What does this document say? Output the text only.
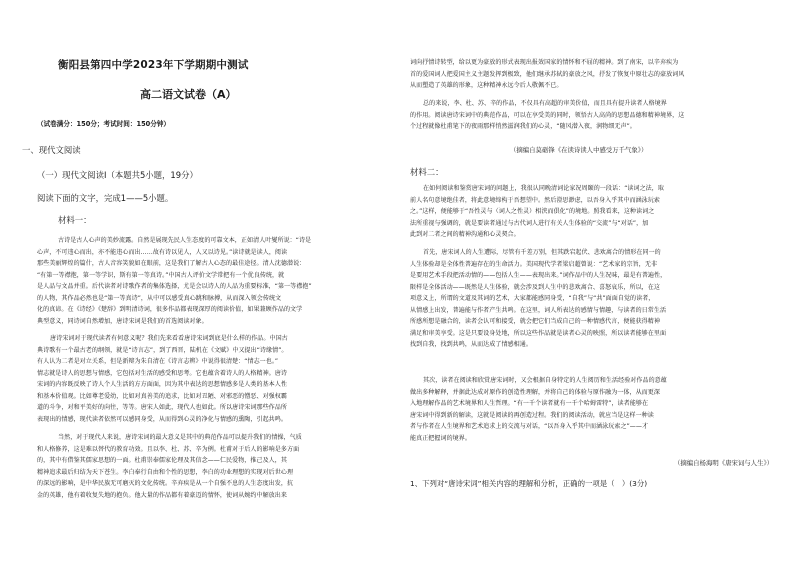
衡阳县第四中学2023年下学期期中测试
高二语文试卷（A）
（试卷满分：150分；考试时间：150分钟）
一、现代文阅读
（一）现代文阅读Ⅰ（本题共5小题，19分）
阅读下面的文字，完成1——5小题。
材料一：
古诗是古人心声的美妙流露。自然是展现先民人生态度的可靠文本，正如清人叶燮所说：“诗是
心声，不可违心而出，亦不能违心而出……故有诗以见人，人又以诗见。”读诗就是读人，阅读
那些美丽辉煌的篇什，古人音容笑貌如在眼前，这是我们了解古人心态的最佳途径。清人沈德潜说：
“有第一等襟抱，第一等学识，斯有第一等真诗。”中国古人评价文学常把有一个优良传统，就
是人品与文品并重。后代读者对诗歌作者的集体选择，尤是会以诗人的人品为重要标准，“第一等襟抱”
的人物，其作品必然也是“第一等真诗”，从中可以感受真心跳和脉搏，从而深入领会传统文
化的真谛。在《诗经》《楚辞》到明清诗词，很多作品都表现深厚的阅读价值，如果兼顾作品的文学
典型意义，同诗词自然增加，唐诗宋词是我们的首选阅读对象。
唐诗宋词对于现代读者有何意义呢？我们先来看看唐诗宋词到底是什么样的作品。中国古
典诗歌有一个最古老的纲领，就是“诗言志”，到了西晋，陆机在《文赋》中又提出“诗缘情”。
有人认为二者是对立关系，但是新辩为朱自清在《诗言志辨》中说得很清楚：“情志一也。”
情志就是诗人的思想与情感，它包括对生活的感受和思考。它也蕴含着诗人的人格精神。唐诗
宋词的内容既反映了诗人个人生活的方方面面，因为其中表达的思想情感多是人类的基本人性
和基本价值观。比如尊老爱幼，比如对真善美的追求，比如对丑陋、对邪恶的憎恶、对强权霸
道的斗争，对和平美好的向往，等等。唐宋人如此，现代人也如此。所以唐诗宋词那些作品所
表现出的情感，现代读者依然可以感同身受，从而得到心灵的净化与情感的熏陶，引起共鸣。
当然，对于现代人来说，唐诗宋词的最大意义是其中的典范作品可以提升我们的情操，气质
和人格修养，这是难以替代的教育功效。且以李、杜、苏、辛为例。杜甫对于后人的影响是多方面
的，其中有借鉴其儒家思想的一面。杜甫崇奉儒家伦理及其信念——仁民爱物，推己及人，其
精神追求最后归结为天下苍生。李白奉行自由和个性的思想，李白的功业理想的实现对后世心理
的深远的影响，是中华民族无可磨灭的文化传统。辛弃疾是从一个自强不息的人生态度出发，抗
金的英雄，他有着收复失地的抱负。他大量的作品都有着豪迈的情怀，使词从婉约中解放出来
词向抒情诗转型，给以更为豪放的形式表现出报效国家的情怀和不屈的精神。到了南宋，以辛弃疾为
首的爱国词人把爱国主义主题发挥到极致，他们继承苏轼的豪放之风，抒发了恢复中原壮志的豪放词风
从而塑造了英雄的形象，这种精神永远令后人敬佩不已。
总的来说，李、杜、苏、辛的作品，不仅具有高超的审美价值，而且具有提升读者人格境界
的作用。阅读唐诗宋词中的典范作品，可以在享受美的同时，领悟古人高尚的思想品德和精神境界，这
个过程就像杜甫笔下的夜雨那样悄然滋润我们的心灵，“随风潜入夜，润物细无声”。
（摘编自莫砺锋《在读诗读人中感受万千气象》）
材料二：
在如何阅读和鉴赏唐宋词的问题上，我很认同晚清词论家况周颐的一段话：“读词之法，取
前人名句意境绝佳者，将此意境缔构于吾想望中。然后澄思渺虑，以吾身入乎其中而涵泳玩索
之。”这样，便能够于“吾性灵与（词人之性灵）相浃而俱化”的境地。照我看来，这种读词之
法所重视与强调的，就是要读者通过与古代词人进行有关人生体验的“交流”与“对话”，加
此到对二者之间的精神沟通和心灵契合。
首先，唐宋词人的人生遭际，尽管有千差万别，但其跌宕起伏、悲欢离合的情形在同一的
人生体验却是全体性普遍存在的生命活力。美国现代学者梁启超曾说：“艺术家的宗旨，无非
是要用艺术手段把活动情的——包括人生——表现出来。”词作品中的人生况味，最是有普遍性，
限样是全体活动——既然是人生体验，就会涉及到人生中的悲欢离合、喜怒哀乐，所以，在这
项意义上，所谓的文道及其词的艺术，大家都能感同身受，“自我”与“共”面面自觉的读者，
从情感上出发，普遍能与作者产生共鸣。在这里，词人所表达的感情与情趣，与读者的日常生活
所感所想是融合的，读者会认可和接受，就会把它们当成自己的一种情感代言，便能获得精神
满足和审美享受。这是只要设身处地，所以这些作品就是读者心灵的映照，所以读者能够在里面
找到自我，找到共鸣，从而达成了情感相通。
其次，读者在阅读和欣赏唐宋词时，又会根据自身特定的人生阅历和生活经验对作品的意蕴
做出多种解释，并据此达成对原作的创造性理解，并将自己的体验与原作融为一体，从而更深
入地理解作品的艺术境界和人生哲理。“有一千个读者就有一千个哈姆雷特”，读者能够在
唐宋词中得到新的解读，这就是阅读的再创造过程。我们的阅读活动，就应当是这样一种读
者与作者在人生境界和艺术追求上的交流与对话，“以吾身入乎其中而涵泳玩索之”——才
能真正把握词的境界。
（摘编自杨海明《唐宋词与人生》）
1、下列对“唐诗宋词”相关内容的理解和分析，正确的一项是（　）(3分)
